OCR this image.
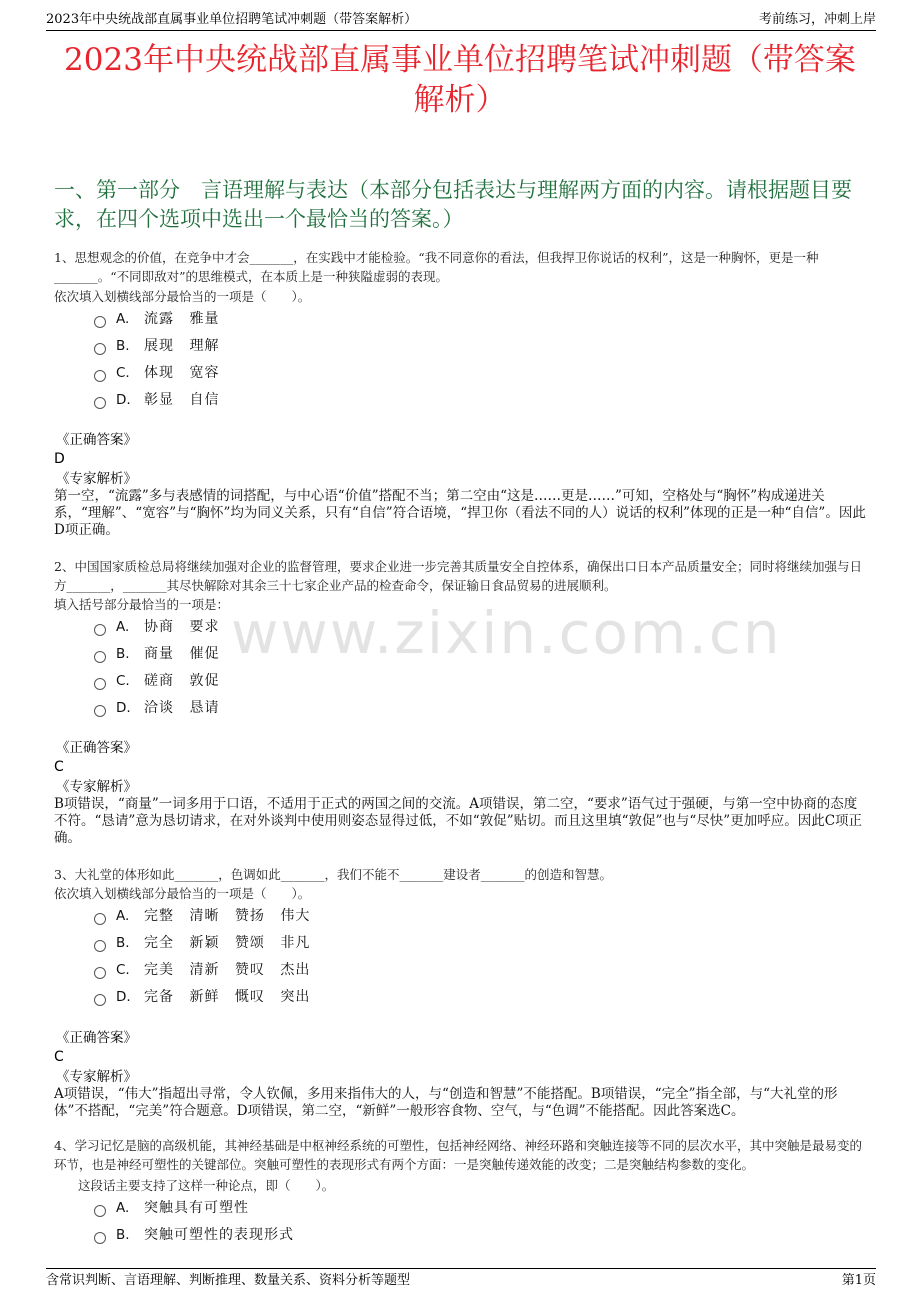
2023年中央统战部直属事业单位招聘笔试冲刺题（带答案解析）	考前练习，冲刺上岸
2023年中央统战部直属事业单位招聘笔试冲刺题（带答案解析）
一、第一部分　言语理解与表达（本部分包括表达与理解两方面的内容。请根据题目要求，在四个选项中选出一个最恰当的答案。）
www.zixin.com.cn
1、思想观念的价值，在竞争中才会_______，在实践中才能检验。“我不同意你的看法，但我捍卫你说话的权利”，这是一种胸怀，更是一种_______。“不同即敌对”的思维模式，在本质上是一种狭隘虚弱的表现。
依次填入划横线部分最恰当的一项是（　　）。
A.	流露 雅量
B.	展现 理解
C.	体现 宽容
D. 彰显 自信
《正确答案》
D
《专家解析》
第一空，“流露”多与表感情的词搭配，与中心语“价值”搭配不当；第二空由“这是……更是……”可知，空格处与“胸怀”构成递进关系，“理解”、“宽容”与“胸怀”均为同义关系，只有“自信”符合语境，“捍卫你（看法不同的人）说话的权利”体现的正是一种“自信”。因此D项正确。
2、中国国家质检总局将继续加强对企业的监督管理，要求企业进一步完善其质量安全自控体系，确保出口日本产品质量安全；同时将继续加强与日方_______，_______其尽快解除对其余三十七家企业产品的检查命令，保证输日食品贸易的进展顺利。
填入括号部分最恰当的一项是：
A.	协商 要求
B.	商量 催促
C.	磋商 敦促
D. 洽谈 恳请
《正确答案》
C
《专家解析》
B项错误，“商量”一词多用于口语，不适用于正式的两国之间的交流。A项错误，第二空，“要求”语气过于强硬，与第一空中协商的态度不符。“恳请”意为恳切请求，在对外谈判中使用则姿态显得过低，不如“敦促”贴切。而且这里填“敦促”也与“尽快”更加呼应。因此C项正确。
3、大礼堂的体形如此_______，色调如此_______，我们不能不_______建设者_______的创造和智慧。
依次填入划横线部分最恰当的一项是（　　）。
A.	完整 清晰 赞扬 伟大
B.	完全 新颖 赞颂 非凡
C.	完美 清新 赞叹 杰出
D. 完备 新鲜 慨叹 突出
《正确答案》
C
《专家解析》
A项错误，“伟大”指超出寻常，令人钦佩，多用来指伟大的人，与“创造和智慧”不能搭配。B项错误，“完全”指全部，与“大礼堂的形体”不搭配，“完美”符合题意。D项错误，第二空，“新鲜”一般形容食物、空气，与“色调”不能搭配。因此答案选C。
4、学习记忆是脑的高级机能，其神经基础是中枢神经系统的可塑性，包括神经网络、神经环路和突触连接等不同的层次水平，其中突触是最易变的环节，也是神经可塑性的关键部位。突触可塑性的表现形式有两个方面：一是突触传递效能的改变；二是突触结构参数的变化。
这段话主要支持了这样一种论点，即（　　）。
A.	突触具有可塑性
B.	突触可塑性的表现形式
含常识判断、言语理解、判断推理、数量关系、资料分析等题型	第1页
